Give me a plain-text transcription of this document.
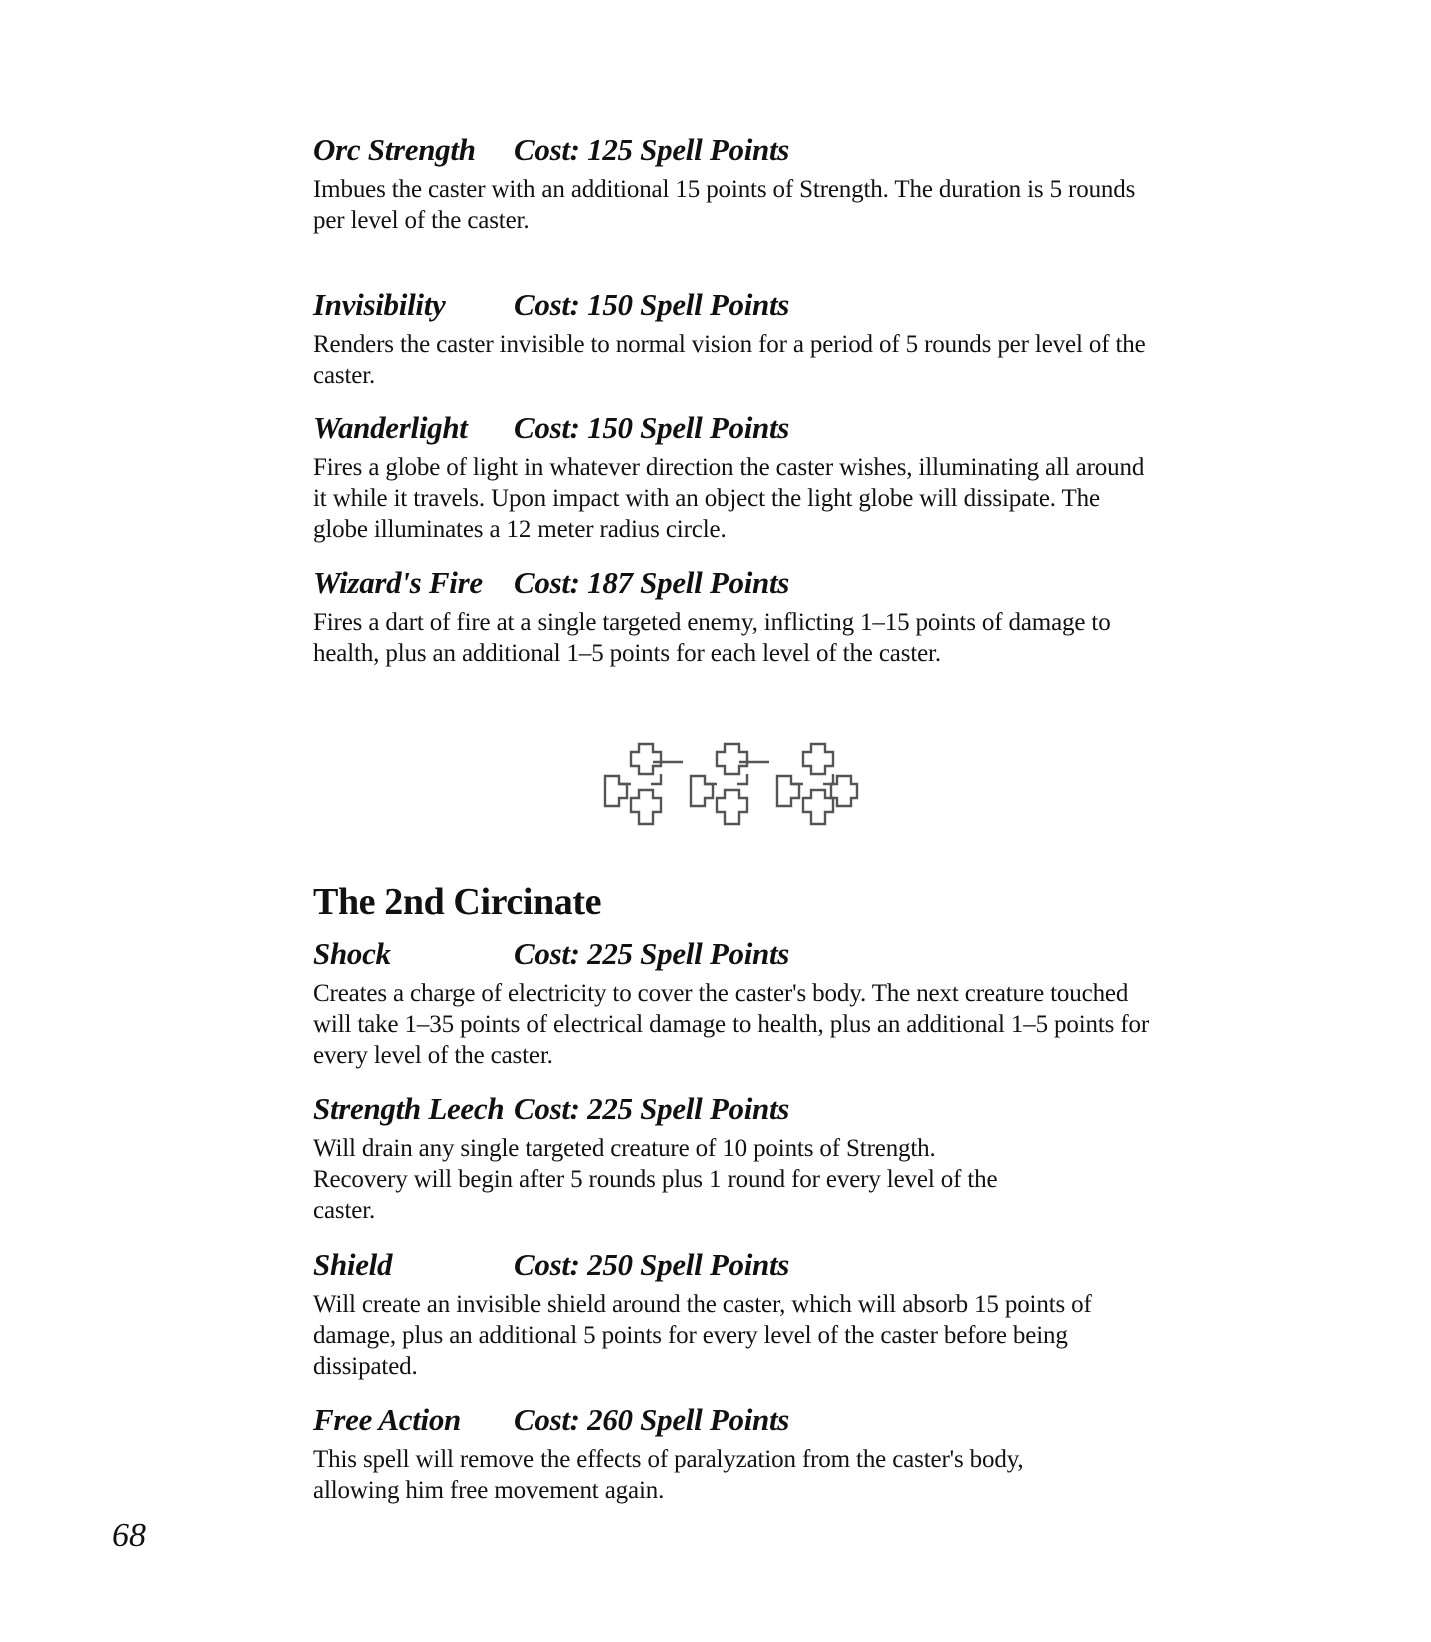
Orc Strength Cost: 125 Spell Points

Imbues the caster with an additional 15 points of Strength. The duration is 5 rounds per level of the caster.

Invisibility Cost: 150 Spell Points

Renders the caster invisible to normal vision for a period of 5 rounds per level of the caster.

Wanderlight Cost: 150 Spell Points

Fires a globe of light in whatever direction the caster wishes, illuminating all around it while it travels. Upon impact with an object the light globe will dissipate. The globe illuminates a 12 meter radius circle.

Wizard's Fire Cost: 187 Spell Points

Fires a dart of fire at a single targeted enemy, inflicting 1–15 points of damage to health, plus an additional 1–5 points for each level of the caster.

The 2nd Circinate
Shock	Cost: 225 Spell Points

Creates a charge of electricity to cover the caster's body. The next creature touched will take 1–35 points of electrical damage to health, plus an additional 1–5 points for every level of the caster.

Strength Leech Cost: 225 Spell Points

Will drain any single targeted creature of 10 points of Strength. Recovery will begin after 5 rounds plus 1 round for every level of the caster.

Shield	Cost: 250 Spell Points

Will create an invisible shield around the caster, which will absorb 15 points of damage, plus an additional 5 points for every level of the caster before being dissipated.

Free Action Cost: 260 Spell Points

This spell will remove the effects of paralyzation from the caster's body, allowing him free movement again.

68
